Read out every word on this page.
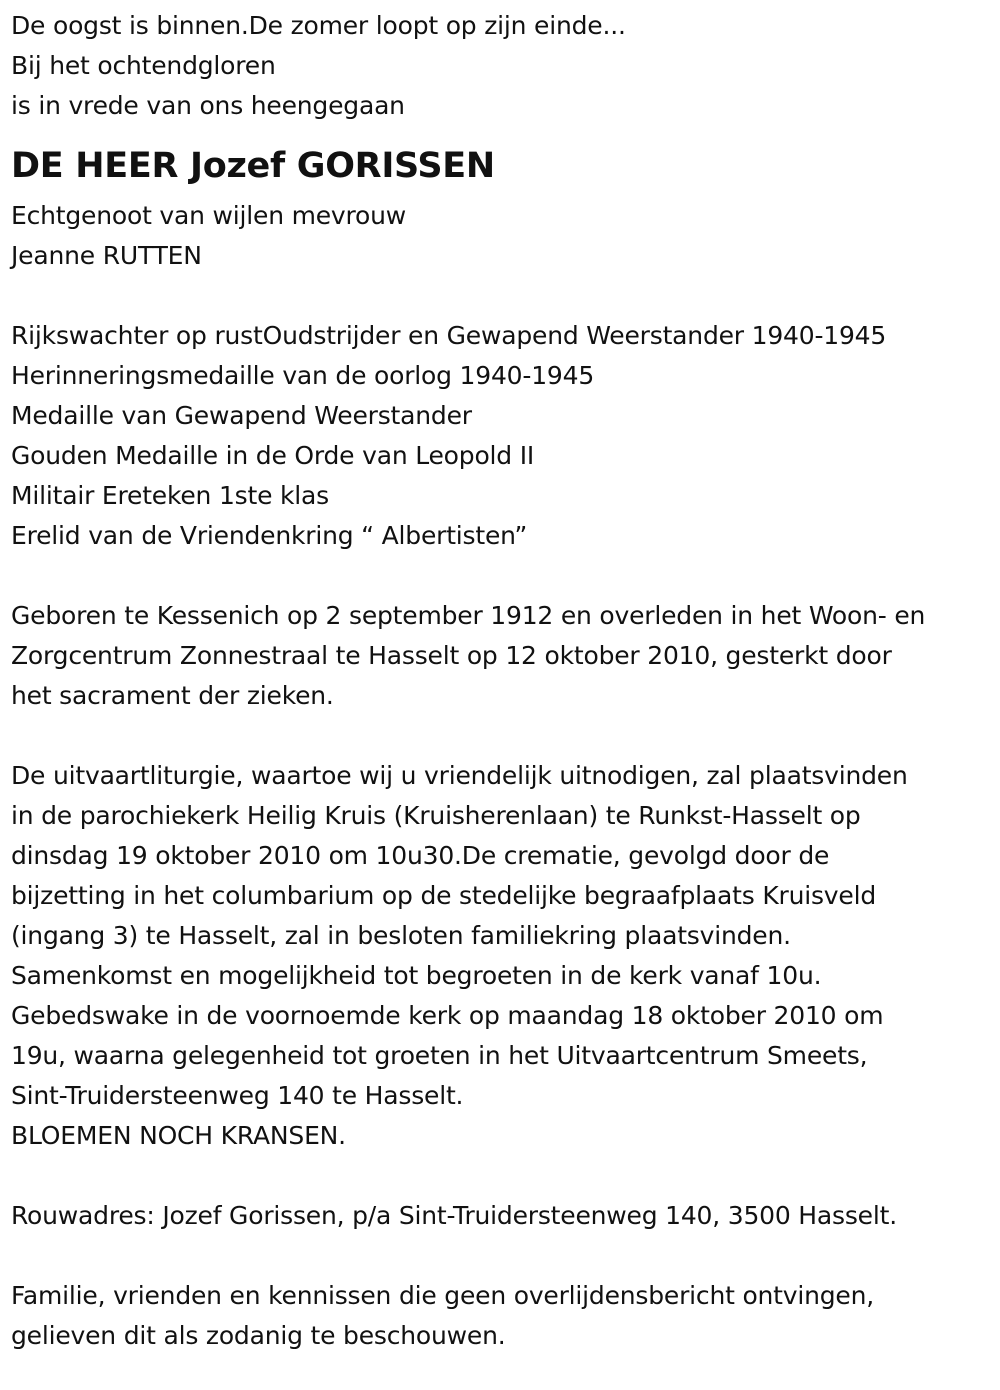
De oogst is binnen.De zomer loopt op zijn einde...
Bij het ochtendgloren
is in vrede van ons heengegaan
DE HEER Jozef GORISSEN
Echtgenoot van wijlen mevrouw
Jeanne RUTTEN
Rijkswachter op rustOudstrijder en Gewapend Weerstander 1940-1945
Herinneringsmedaille van de oorlog 1940-1945
Medaille van Gewapend Weerstander
Gouden Medaille in de Orde van Leopold II
Militair Ereteken 1ste klas
Erelid van de Vriendenkring “ Albertisten”
Geboren te Kessenich op 2 september 1912 en overleden in het Woon- en
Zorgcentrum Zonnestraal te Hasselt op 12 oktober 2010, gesterkt door
het sacrament der zieken.
De uitvaartliturgie, waartoe wij u vriendelijk uitnodigen, zal plaatsvinden
in de parochiekerk Heilig Kruis (Kruisherenlaan) te Runkst-Hasselt op
dinsdag 19 oktober 2010 om 10u30.De crematie, gevolgd door de
bijzetting in het columbarium op de stedelijke begraafplaats Kruisveld
(ingang 3) te Hasselt, zal in besloten familiekring plaatsvinden.
Samenkomst en mogelijkheid tot begroeten in de kerk vanaf 10u.
Gebedswake in de voornoemde kerk op maandag 18 oktober 2010 om
19u, waarna gelegenheid tot groeten in het Uitvaartcentrum Smeets,
Sint-Truidersteenweg 140 te Hasselt.
BLOEMEN NOCH KRANSEN.
Rouwadres: Jozef Gorissen, p/a Sint-Truidersteenweg 140, 3500 Hasselt.
Familie, vrienden en kennissen die geen overlijdensbericht ontvingen,
gelieven dit als zodanig te beschouwen.
